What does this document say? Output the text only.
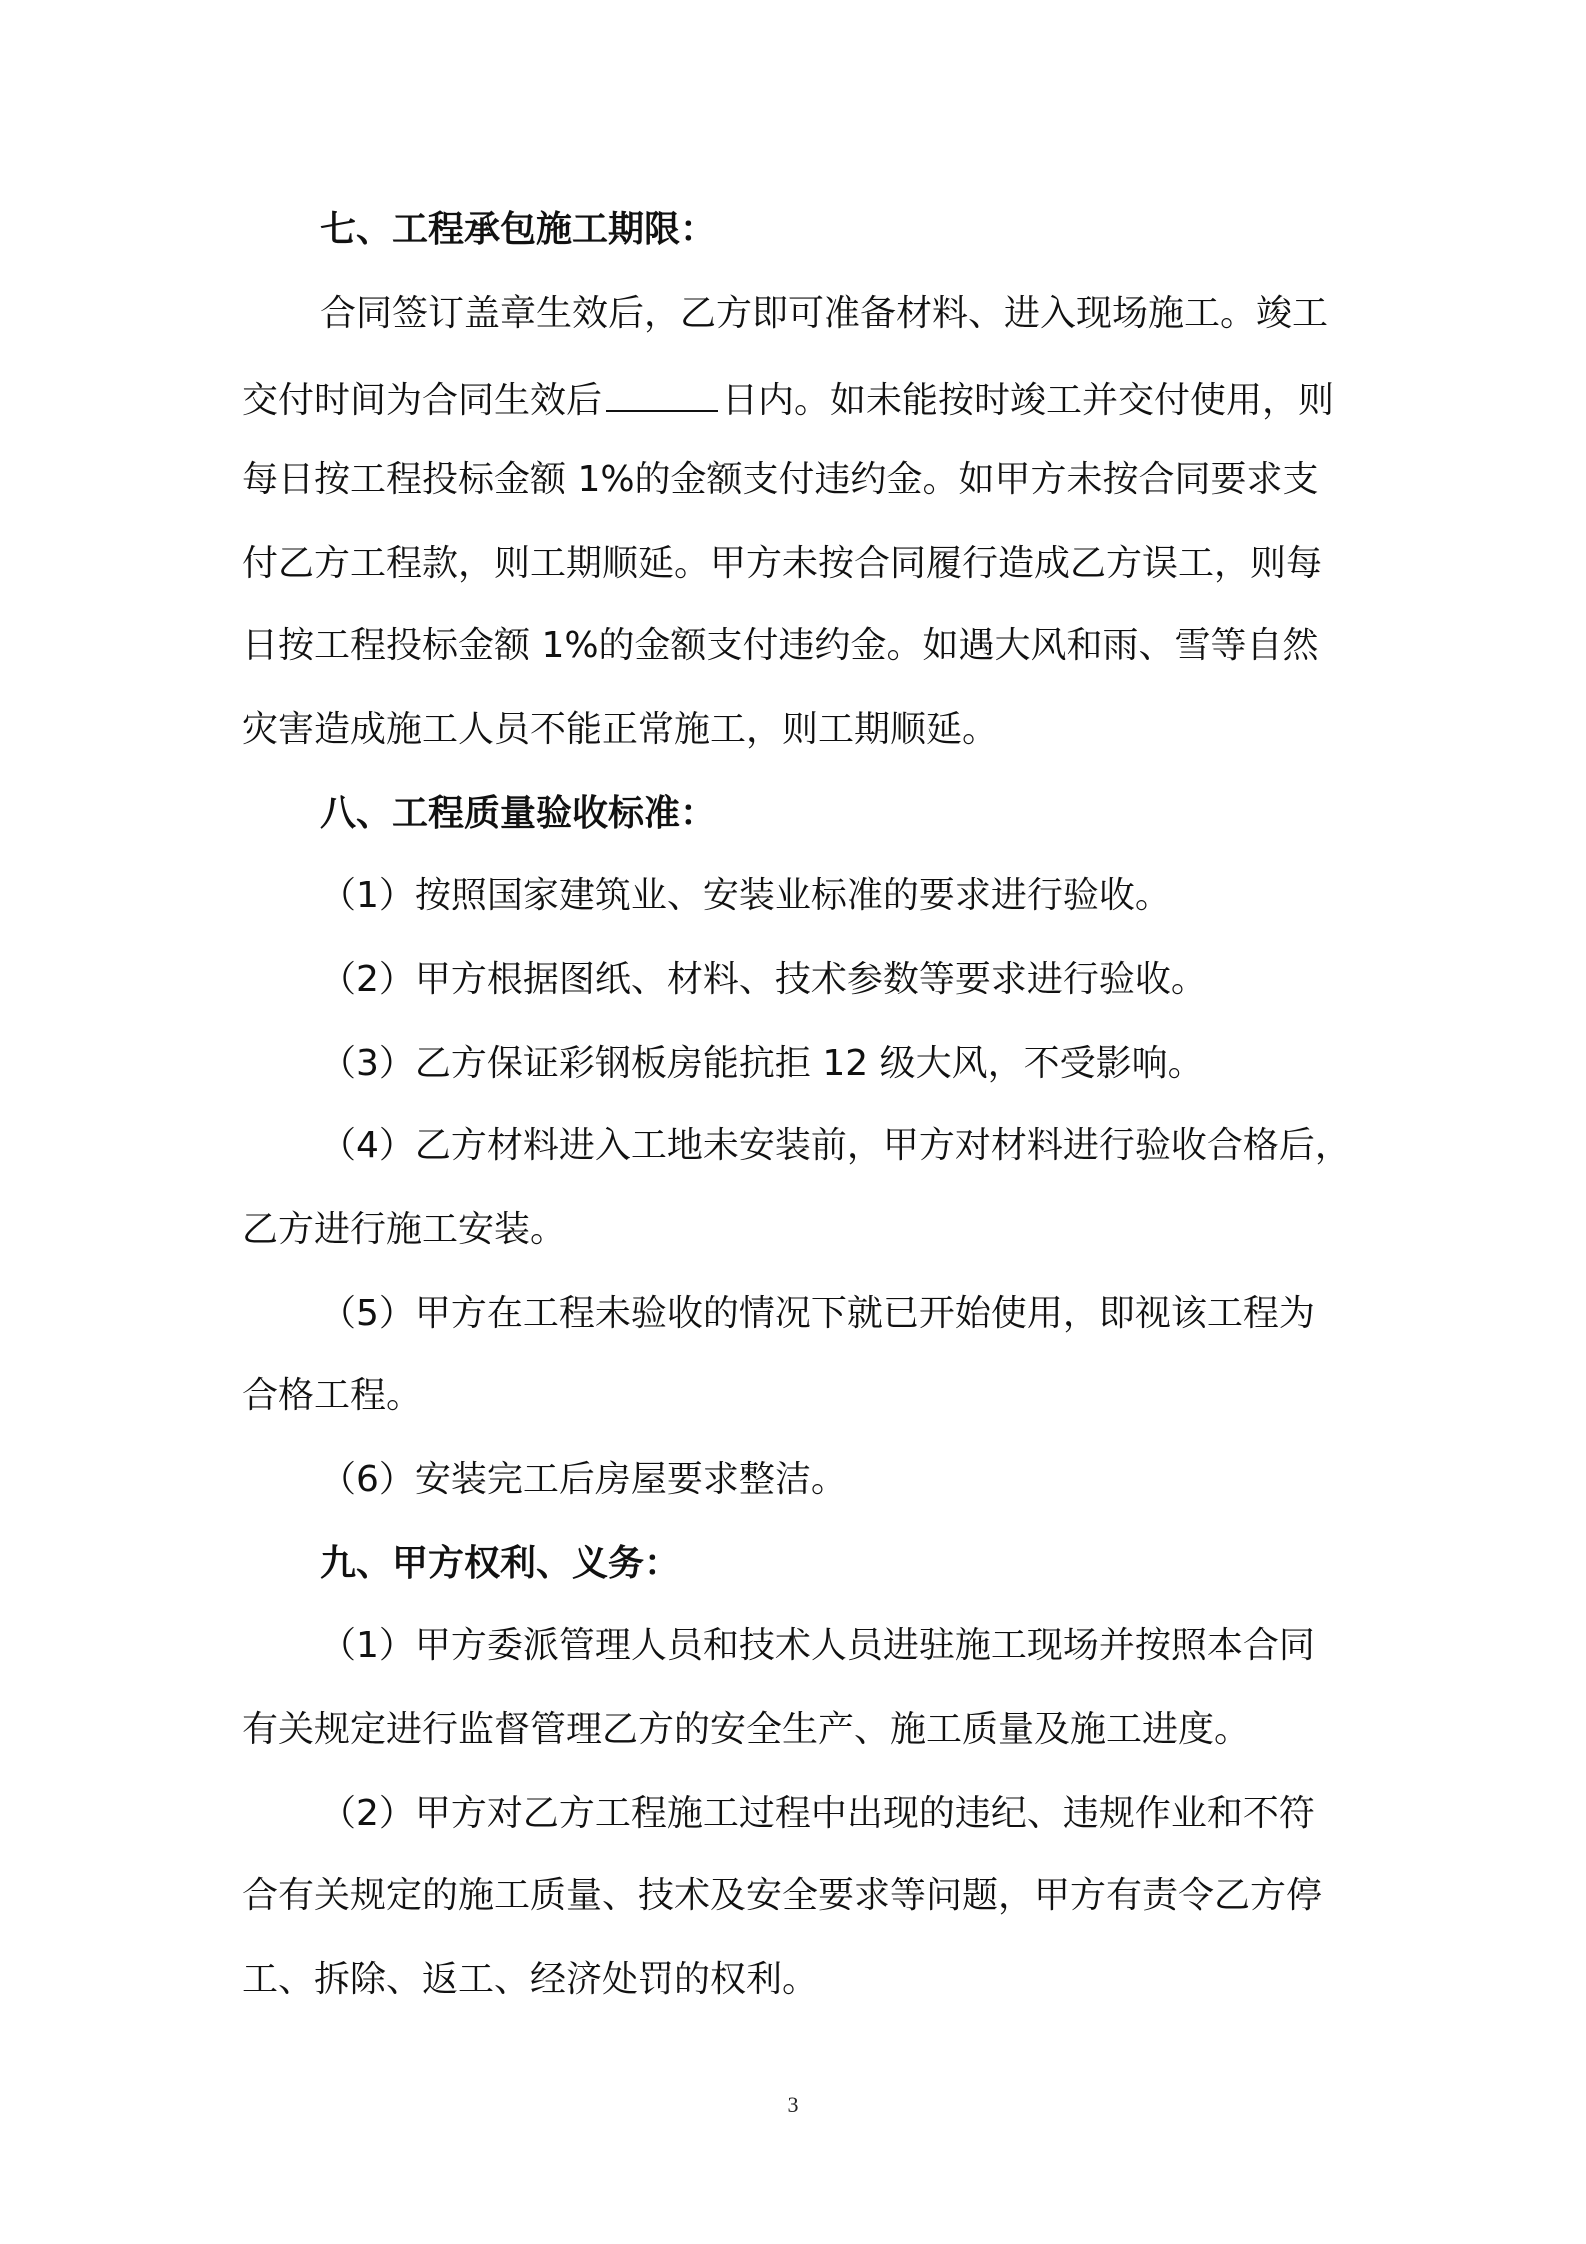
七、工程承包施工期限：
合同签订盖章生效后，乙方即可准备材料、进入现场施工。竣工
交付时间为合同生效后	日内。如未能按时竣工并交付使用，则
每日按工程投标金额 1%的金额支付违约金。如甲方未按合同要求支
付乙方工程款，则工期顺延。甲方未按合同履行造成乙方误工，则每
日按工程投标金额 1%的金额支付违约金。如遇大风和雨、雪等自然
灾害造成施工人员不能正常施工，则工期顺延。
八、工程质量验收标准：
（1）按照国家建筑业、安装业标准的要求进行验收。
（2）甲方根据图纸、材料、技术参数等要求进行验收。
（3）乙方保证彩钢板房能抗拒 12 级大风，不受影响。
（4）乙方材料进入工地未安装前，甲方对材料进行验收合格后，
乙方进行施工安装。
（5）甲方在工程未验收的情况下就已开始使用，即视该工程为
合格工程。
（6）安装完工后房屋要求整洁。
九、甲方权利、义务：
（1）甲方委派管理人员和技术人员进驻施工现场并按照本合同
有关规定进行监督管理乙方的安全生产、施工质量及施工进度。
（2）甲方对乙方工程施工过程中出现的违纪、违规作业和不符
合有关规定的施工质量、技术及安全要求等问题，甲方有责令乙方停
工、拆除、返工、经济处罚的权利。
3
